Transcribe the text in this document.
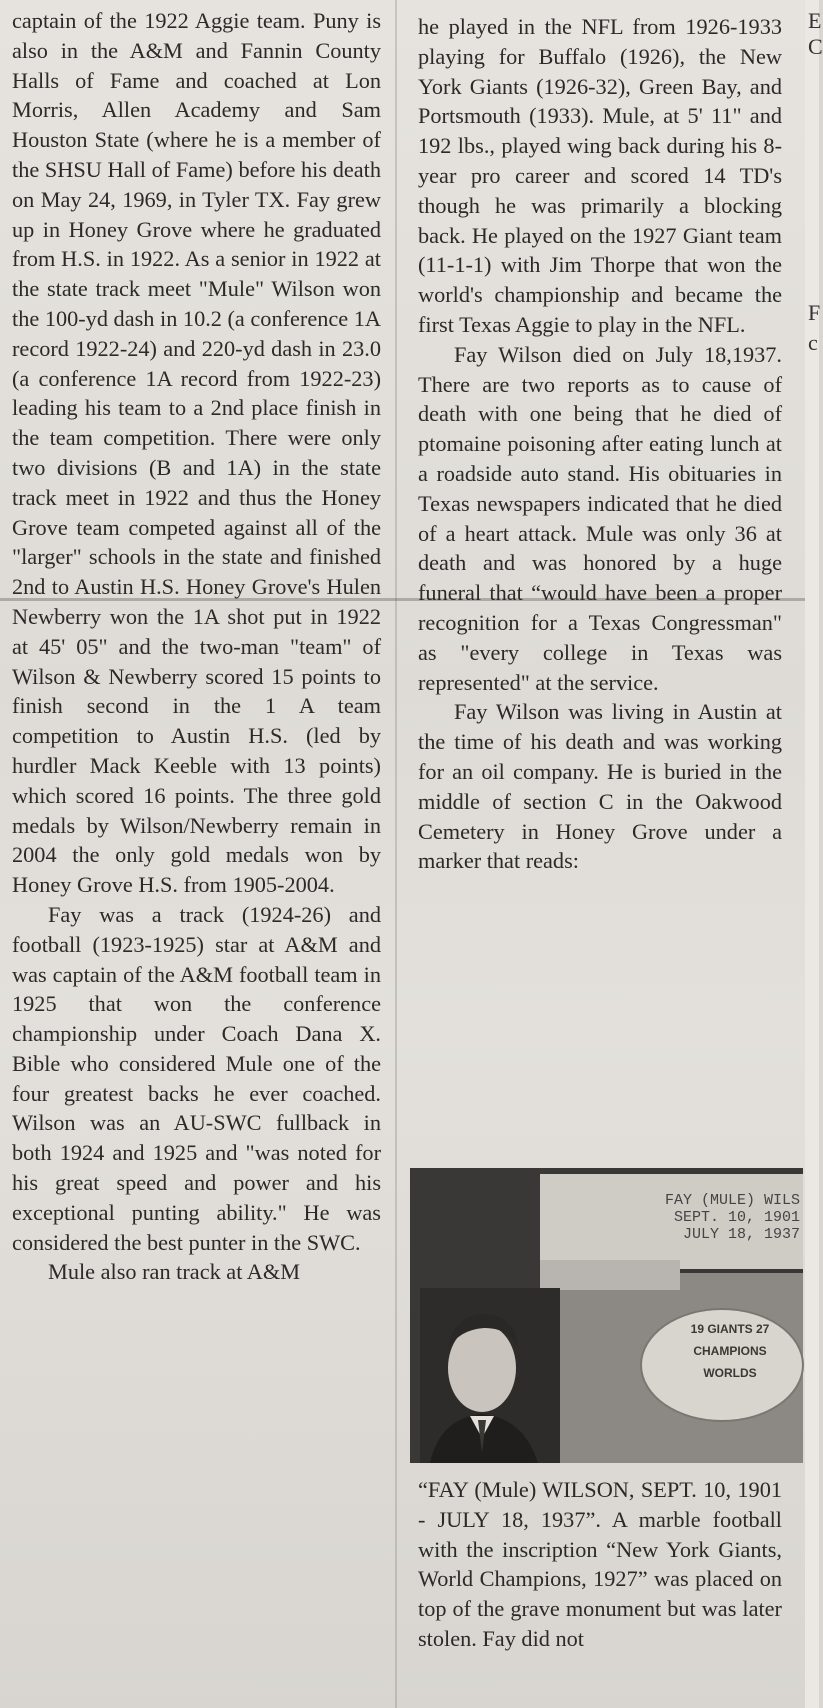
captain of the 1922 Aggie team. Puny is also in the A&M and Fannin County Halls of Fame and coached at Lon Morris, Allen Academy and Sam Houston State (where he is a member of the SHSU Hall of Fame) before his death on May 24, 1969, in Tyler TX. Fay grew up in Honey Grove where he graduated from H.S. in 1922. As a senior in 1922 at the state track meet "Mule" Wilson won the 100-yd dash in 10.2 (a conference 1A record 1922-24) and 220-yd dash in 23.0 (a conference 1A record from 1922-23) leading his team to a 2nd place finish in the team competition. There were only two divisions (B and 1A) in the state track meet in 1922 and thus the Honey Grove team competed against all of the "larger" schools in the state and finished 2nd to Austin H.S. Honey Grove's Hulen Newberry won the 1A shot put in 1922 at 45' 05" and the two-man "team" of Wilson & Newberry scored 15 points to finish second in the 1 A team competition to Austin H.S. (led by hurdler Mack Keeble with 13 points) which scored 16 points. The three gold medals by Wilson/Newberry remain in 2004 the only gold medals won by Honey Grove H.S. from 1905-2004.

Fay was a track (1924-26) and football (1923-1925) star at A&M and was captain of the A&M football team in 1925 that won the conference championship under Coach Dana X. Bible who considered Mule one of the four greatest backs he ever coached. Wilson was an AU-SWC fullback in both 1924 and 1925 and "was noted for his great speed and power and his exceptional punting ability." He was considered the best punter in the SWC.

Mule also ran track at A&M

he played in the NFL from 1926-1933 playing for Buffalo (1926), the New York Giants (1926-32), Green Bay, and Portsmouth (1933). Mule, at 5' 11" and 192 lbs., played wing back during his 8-year pro career and scored 14 TD's though he was primarily a blocking back. He played on the 1927 Giant team (11-1-1) with Jim Thorpe that won the world's championship and became the first Texas Aggie to play in the NFL.

Fay Wilson died on July 18,1937. There are two reports as to cause of death with one being that he died of ptomaine poisoning after eating lunch at a roadside auto stand. His obituaries in Texas newspapers indicated that he died of a heart attack. Mule was only 36 at death and was honored by a huge funeral that “would have been a proper recognition for a Texas Congressman" as "every college in Texas was represented" at the service.

Fay Wilson was living in Austin at the time of his death and was working for an oil company. He is buried in the middle of section C in the Oakwood Cemetery in Honey Grove under a marker that reads:

FAY (MULE) WILS
SEPT. 10, 1901
JULY 18, 1937
19 GIANTS 27
CHAMPIONS
WORLDS

“FAY (Mule) WILSON, SEPT. 10, 1901 - JULY 18, 1937”. A marble football with the inscription “New York Giants, World Champions, 1927” was placed on top of the grave monument but was later stolen. Fay did not

E
C
F
c
